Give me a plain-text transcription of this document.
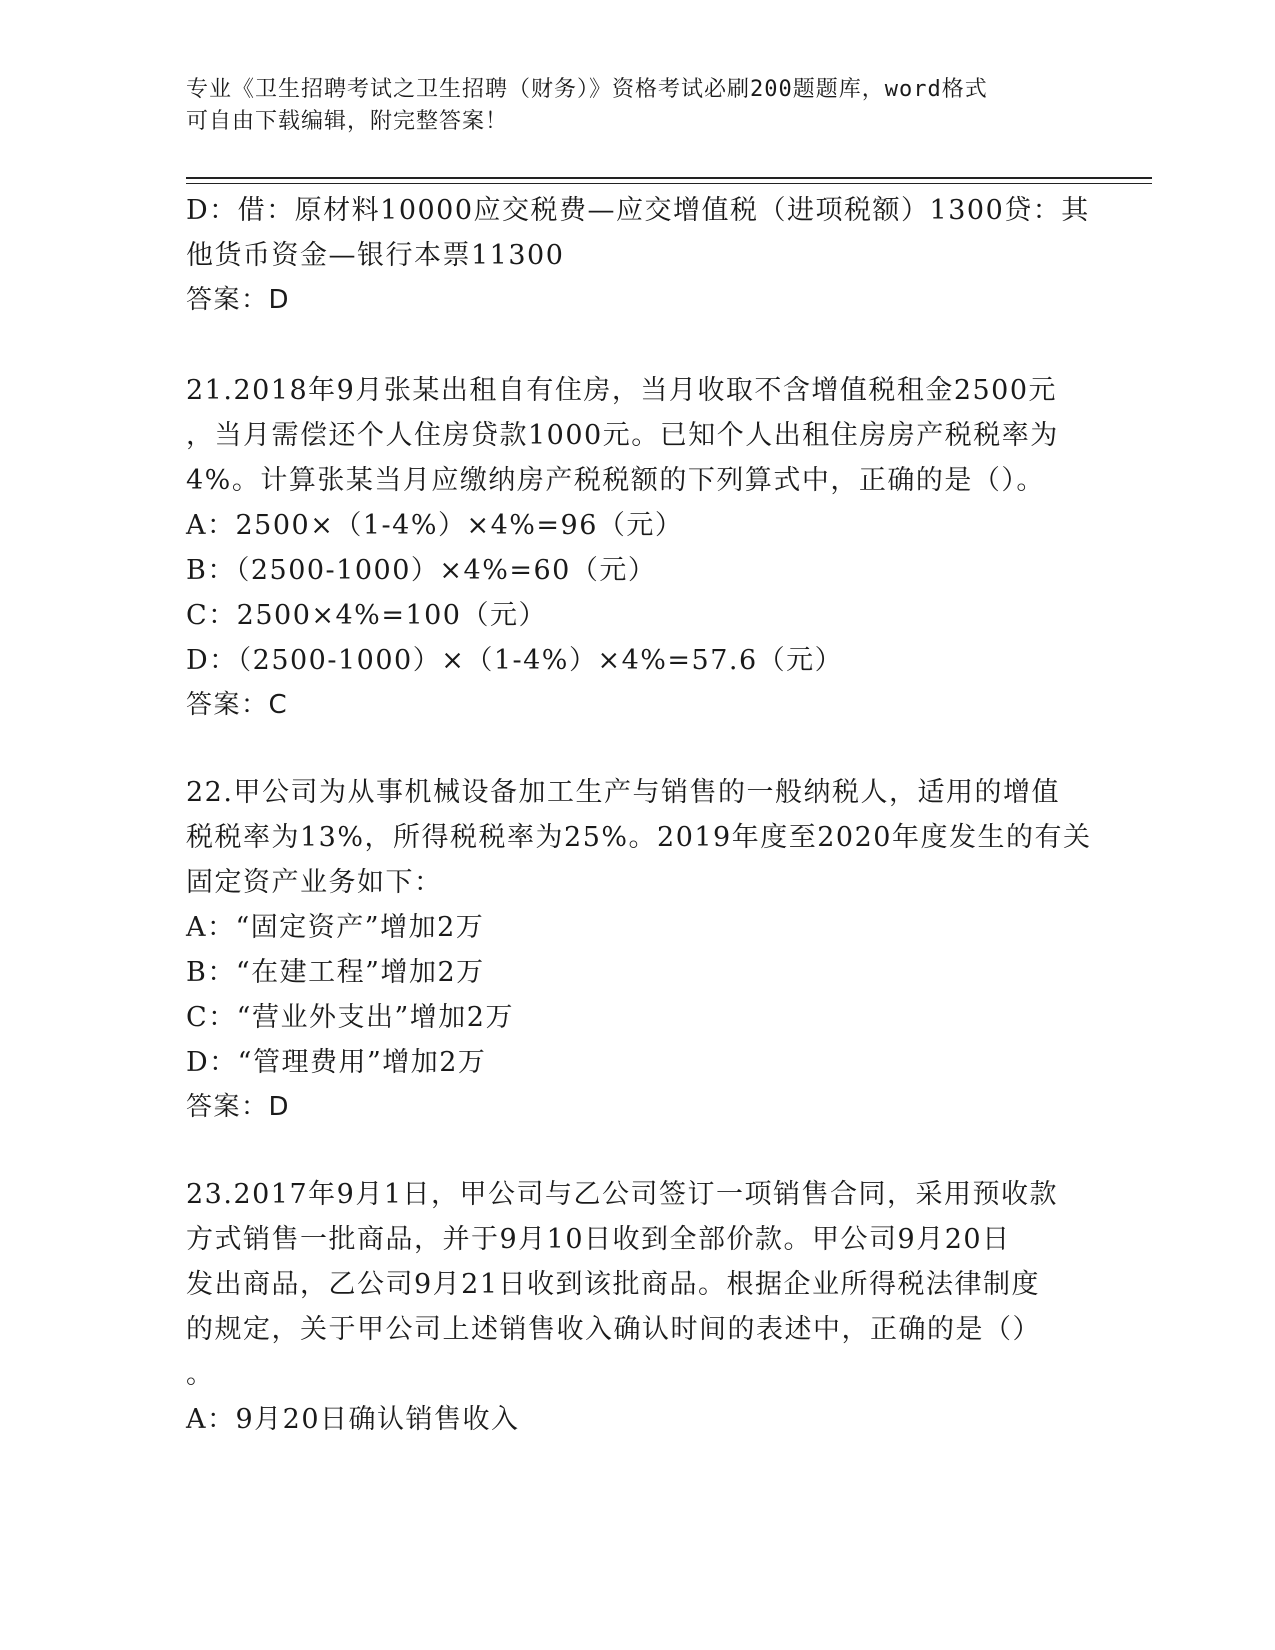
专业《卫生招聘考试之卫生招聘（财务）》资格考试必刷200题题库，word格式
可自由下载编辑，附完整答案！
D：借：原材料10000应交税费—应交增值税（进项税额）1300贷：其
他货币资金—银行本票11300
答案：D
21.2018年9月张某出租自有住房，当月收取不含增值税租金2500元
，当月需偿还个人住房贷款1000元。已知个人出租住房房产税税率为
4%。计算张某当月应缴纳房产税税额的下列算式中，正确的是（）。
A：2500×（1-4%）×4%=96（元）
B：（2500-1000）×4%=60（元）
C：2500×4%=100（元）
D：（2500-1000）×（1-4%）×4%=57.6（元）
答案：C
22.甲公司为从事机械设备加工生产与销售的一般纳税人，适用的增值
税税率为13%，所得税税率为25%。2019年度至2020年度发生的有关
固定资产业务如下：
A：“固定资产”增加2万
B：“在建工程”增加2万
C：“营业外支出”增加2万
D：“管理费用”增加2万
答案：D
23.2017年9月1日，甲公司与乙公司签订一项销售合同，采用预收款
方式销售一批商品，并于9月10日收到全部价款。甲公司9月20日
发出商品，乙公司9月21日收到该批商品。根据企业所得税法律制度
的规定，关于甲公司上述销售收入确认时间的表述中，正确的是（）
。
A：9月20日确认销售收入
